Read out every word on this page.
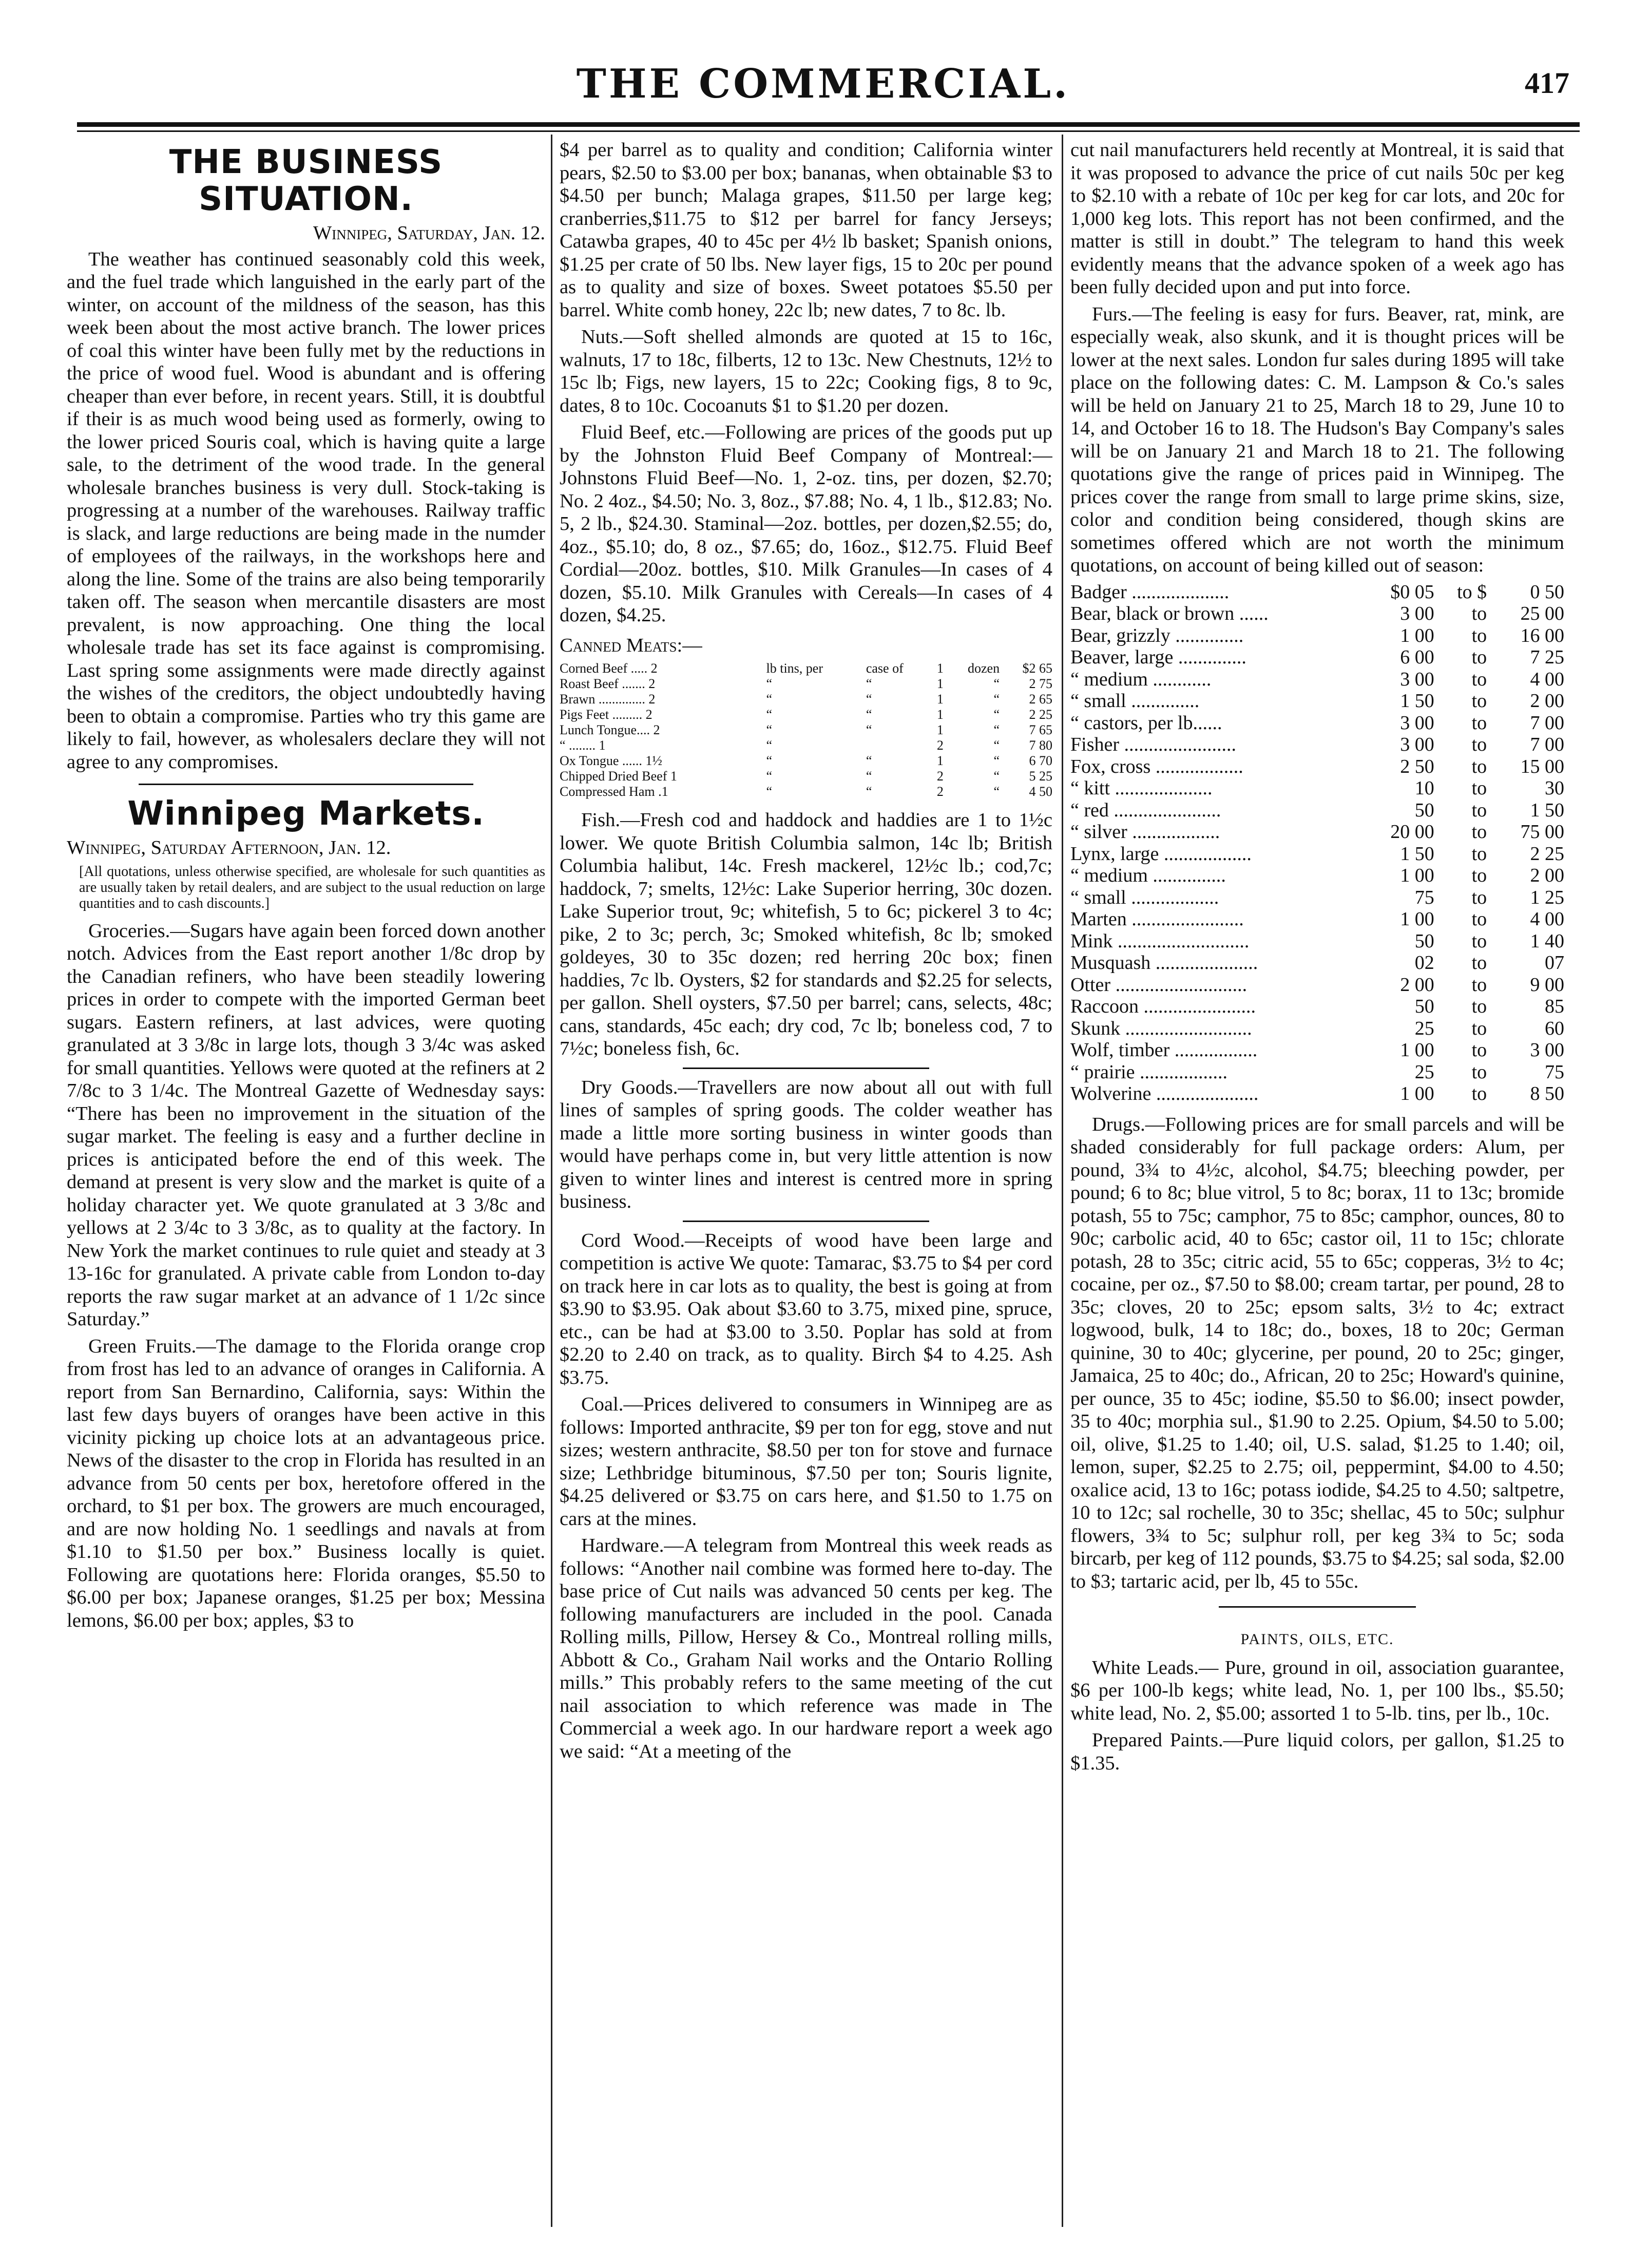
THE COMMERCIAL.	417
THE BUSINESS SITUATION.

Winnipeg, Saturday, Jan. 12.

The weather has continued seasonably cold this week, and the fuel trade which languished in the early part of the winter, on account of the mildness of the season, has this week been about the most active branch. The lower prices of coal this winter have been fully met by the reductions in the price of wood fuel. Wood is abundant and is offering cheaper than ever before, in recent years. Still, it is doubtful if their is as much wood being used as formerly, owing to the lower priced Souris coal, which is having quite a large sale, to the detriment of the wood trade. In the general wholesale branches business is very dull. Stock-taking is progressing at a number of the warehouses. Railway traffic is slack, and large reductions are being made in the numder of employees of the railways, in the workshops here and along the line. Some of the trains are also being temporarily taken off. The season when mercantile disasters are most prevalent, is now approaching. One thing the local wholesale trade has set its face against is compromising. Last spring some assignments were made directly against the wishes of the creditors, the object undoubtedly having been to obtain a compromise. Parties who try this game are likely to fail, however, as wholesalers declare they will not agree to any compromises.

Winnipeg Markets.

Winnipeg, Saturday Afternoon, Jan. 12.

[All quotations, unless otherwise specified, are wholesale for such quantities as are usually taken by retail dealers, and are subject to the usual reduction on large quantities and to cash discounts.]

Groceries.—Sugars have again been forced down another notch. Advices from the East report another 1/8c drop by the Canadian refiners, who have been steadily lowering prices in order to compete with the imported German beet sugars. Eastern refiners, at last advices, were quoting granulated at 3 3/8c in large lots, though 3 3/4c was asked for small quantities. Yellows were quoted at the refiners at 2 7/8c to 3 1/4c. The Montreal Gazette of Wednesday says: “There has been no improvement in the situation of the sugar market. The feeling is easy and a further decline in prices is anticipated before the end of this week. The demand at present is very slow and the market is quite of a holiday character yet. We quote granulated at 3 3/8c and yellows at 2 3/4c to 3 3/8c, as to quality at the factory. In New York the market continues to rule quiet and steady at 3 13-16c for granulated. A private cable from London to-day reports the raw sugar market at an advance of 1 1/2c since Saturday.”

Green Fruits.—The damage to the Florida orange crop from frost has led to an advance of oranges in California. A report from San Bernardino, California, says: Within the last few days buyers of oranges have been active in this vicinity picking up choice lots at an advantageous price. News of the disaster to the crop in Florida has resulted in an advance from 50 cents per box, heretofore offered in the orchard, to $1 per box. The growers are much encouraged, and are now holding No. 1 seedlings and navals at from $1.10 to $1.50 per box.” Business locally is quiet. Following are quotations here: Florida oranges, $5.50 to $6.00 per box; Japanese oranges, $1.25 per box; Messina lemons, $6.00 per box; apples, $3 to

$4 per barrel as to quality and condition; California winter pears, $2.50 to $3.00 per box; bananas, when obtainable $3 to $4.50 per bunch; Malaga grapes, $11.50 per large keg; cranberries,$11.75 to $12 per barrel for fancy Jerseys; Catawba grapes, 40 to 45c per 4½ lb basket; Spanish onions, $1.25 per crate of 50 lbs. New layer figs, 15 to 20c per pound as to quality and size of boxes. Sweet potatoes $5.50 per barrel. White comb honey, 22c lb; new dates, 7 to 8c. lb.

Nuts.—Soft shelled almonds are quoted at 15 to 16c, walnuts, 17 to 18c, filberts, 12 to 13c. New Chestnuts, 12½ to 15c lb; Figs, new layers, 15 to 22c; Cooking figs, 8 to 9c, dates, 8 to 10c. Cocoanuts $1 to $1.20 per dozen.

Fluid Beef, etc.—Following are prices of the goods put up by the Johnston Fluid Beef Company of Montreal:—Johnstons Fluid Beef—No. 1, 2-oz. tins, per dozen, $2.70; No. 2 4oz., $4.50; No. 3, 8oz., $7.88; No. 4, 1 lb., $12.83; No. 5, 2 lb., $24.30. Staminal—2oz. bottles, per dozen,$2.55; do, 4oz., $5.10; do, 8 oz., $7.65; do, 16oz., $12.75. Fluid Beef Cordial—20oz. bottles, $10. Milk Granules—In cases of 4 dozen, $5.10. Milk Granules with Cereals—In cases of 4 dozen, $4.25.

Canned Meats:—

Corned Beef ..... 2	lb tins, per	case of	1	dozen	$2 65
Roast Beef ....... 2	“	“	1	“	2 75
Brawn .............. 2	“	“	1	“	2 65
Pigs Feet ......... 2	“	“	1	“	2 25
Lunch Tongue.... 2	“	“	1	“	7 65
“ ........ 1	“		2	“	7 80
Ox Tongue ...... 1½	“	“	1	“	6 70
Chipped Dried Beef 1	“	“	2	“	5 25
Compressed Ham .1	“	“	2	“	4 50

Fish.—Fresh cod and haddock and haddies are 1 to 1½c lower. We quote British Columbia salmon, 14c lb; British Columbia halibut, 14c. Fresh mackerel, 12½c lb.; cod,7c; haddock, 7; smelts, 12½c: Lake Superior herring, 30c dozen. Lake Superior trout, 9c; whitefish, 5 to 6c; pickerel 3 to 4c; pike, 2 to 3c; perch, 3c; Smoked whitefish, 8c lb; smoked goldeyes, 30 to 35c dozen; red herring 20c box; finen haddies, 7c lb. Oysters, $2 for standards and $2.25 for selects, per gallon. Shell oysters, $7.50 per barrel; cans, selects, 48c; cans, standards, 45c each; dry cod, 7c lb; boneless cod, 7 to 7½c; boneless fish, 6c.

Dry Goods.—Travellers are now about all out with full lines of samples of spring goods. The colder weather has made a little more sorting business in winter goods than would have perhaps come in, but very little attention is now given to winter lines and interest is centred more in spring business.

Cord Wood.—Receipts of wood have been large and competition is active We quote: Tamarac, $3.75 to $4 per cord on track here in car lots as to quality, the best is going at from $3.90 to $3.95. Oak about $3.60 to 3.75, mixed pine, spruce, etc., can be had at $3.00 to 3.50. Poplar has sold at from $2.20 to 2.40 on track, as to quality. Birch $4 to 4.25. Ash $3.75.

Coal.—Prices delivered to consumers in Winnipeg are as follows: Imported anthracite, $9 per ton for egg, stove and nut sizes; western anthracite, $8.50 per ton for stove and furnace size; Lethbridge bituminous, $7.50 per ton; Souris lignite, $4.25 delivered or $3.75 on cars here, and $1.50 to 1.75 on cars at the mines.

Hardware.—A telegram from Montreal this week reads as follows: “Another nail combine was formed here to-day. The base price of Cut nails was advanced 50 cents per keg. The following manufacturers are included in the pool. Canada Rolling mills, Pillow, Hersey & Co., Montreal rolling mills, Abbott & Co., Graham Nail works and the Ontario Rolling mills.” This probably refers to the same meeting of the cut nail association to which reference was made in The Commercial a week ago. In our hardware report a week ago we said: “At a meeting of the

cut nail manufacturers held recently at Montreal, it is said that it was proposed to advance the price of cut nails 50c per keg to $2.10 with a rebate of 10c per keg for car lots, and 20c for 1,000 keg lots. This report has not been confirmed, and the matter is still in doubt.” The telegram to hand this week evidently means that the advance spoken of a week ago has been fully decided upon and put into force.

Furs.—The feeling is easy for furs. Beaver, rat, mink, are especially weak, also skunk, and it is thought prices will be lower at the next sales. London fur sales during 1895 will take place on the following dates: C. M. Lampson & Co.'s sales will be held on January 21 to 25, March 18 to 29, June 10 to 14, and October 16 to 18. The Hudson's Bay Company's sales will be on January 21 and March 18 to 21. The following quotations give the range of prices paid in Winnipeg. The prices cover the range from small to large prime skins, size, color and condition being considered, though skins are sometimes offered which are not worth the minimum quotations, on account of being killed out of season:

Badger ....................	$0 05	to $	0 50
Bear, black or brown ......	3 00	to	25 00
Bear, grizzly ..............	1 00	to	16 00
Beaver, large ..............	6 00	to	7 25
“ medium ............	3 00	to	4 00
“ small ..............	1 50	to	2 00
“ castors, per lb......	3 00	to	7 00
Fisher .......................	3 00	to	7 00
Fox, cross ..................	2 50	to	15 00
“ kitt ....................	10	to	30
“ red ......................	50	to	1 50
“ silver ..................	20 00	to	75 00
Lynx, large ..................	1 50	to	2 25
“ medium ...............	1 00	to	2 00
“ small ..................	75	to	1 25
Marten .......................	1 00	to	4 00
Mink ...........................	50	to	1 40
Musquash .....................	02	to	07
Otter ...........................	2 00	to	9 00
Raccoon .......................	50	to	85
Skunk ..........................	25	to	60
Wolf, timber .................	1 00	to	3 00
“ prairie ..................	25	to	75
Wolverine .....................	1 00	to	8 50

Drugs.—Following prices are for small parcels and will be shaded considerably for full package orders: Alum, per pound, 3¾ to 4½c, alcohol, $4.75; bleeching powder, per pound; 6 to 8c; blue vitrol, 5 to 8c; borax, 11 to 13c; bromide potash, 55 to 75c; camphor, 75 to 85c; camphor, ounces, 80 to 90c; carbolic acid, 40 to 65c; castor oil, 11 to 15c; chlorate potash, 28 to 35c; citric acid, 55 to 65c; copperas, 3½ to 4c; cocaine, per oz., $7.50 to $8.00; cream tartar, per pound, 28 to 35c; cloves, 20 to 25c; epsom salts, 3½ to 4c; extract logwood, bulk, 14 to 18c; do., boxes, 18 to 20c; German quinine, 30 to 40c; glycerine, per pound, 20 to 25c; ginger, Jamaica, 25 to 40c; do., African, 20 to 25c; Howard's quinine, per ounce, 35 to 45c; iodine, $5.50 to $6.00; insect powder, 35 to 40c; morphia sul., $1.90 to 2.25. Opium, $4.50 to 5.00; oil, olive, $1.25 to 1.40; oil, U.S. salad, $1.25 to 1.40; oil, lemon, super, $2.25 to 2.75; oil, peppermint, $4.00 to 4.50; oxalice acid, 13 to 16c; potass iodide, $4.25 to 4.50; saltpetre, 10 to 12c; sal rochelle, 30 to 35c; shellac, 45 to 50c; sulphur flowers, 3¾ to 5c; sulphur roll, per keg 3¾ to 5c; soda bircarb, per keg of 112 pounds, $3.75 to $4.25; sal soda, $2.00 to $3; tartaric acid, per lb, 45 to 55c.

PAINTS, OILS, ETC.

White Leads.— Pure, ground in oil, association guarantee, $6 per 100-lb kegs; white lead, No. 1, per 100 lbs., $5.50; white lead, No. 2, $5.00; assorted 1 to 5-lb. tins, per lb., 10c.

Prepared Paints.—Pure liquid colors, per gallon, $1.25 to $1.35.
